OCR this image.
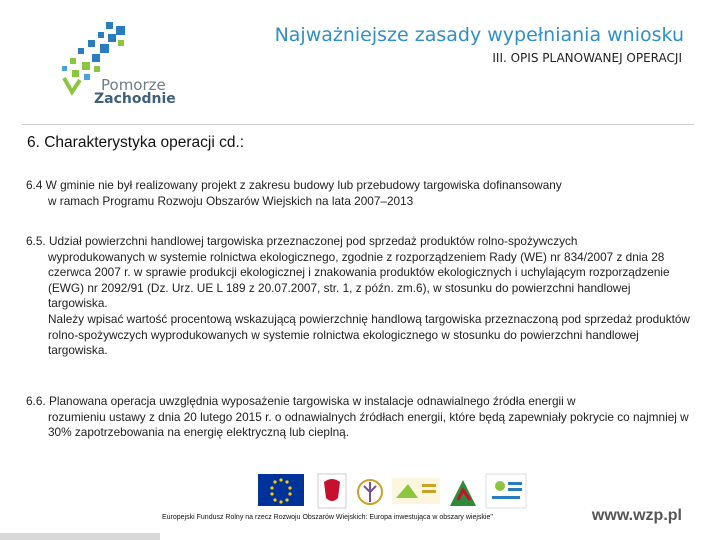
Pomorze
Zachodnie
Najważniejsze zasady wypełniania wniosku
III. OPIS PLANOWANEJ OPERACJI
6. Charakterystyka operacji cd.:
6.4 W gminie nie był realizowany projekt z zakresu budowy lub przebudowy targowiska dofinansowany
w ramach Programu Rozwoju Obszarów Wiejskich na lata 2007–2013
6.5. Udział powierzchni handlowej targowiska przeznaczonej pod sprzedaż produktów rolno-spożywczych
wyprodukowanych w systemie rolnictwa ekologicznego, zgodnie z rozporządzeniem Rady (WE) nr 834/2007 z dnia 28 czerwca 2007 r. w sprawie produkcji ekologicznej i znakowania produktów ekologicznych i uchylającym rozporządzenie (EWG) nr 2092/91 (Dz. Urz. UE L 189 z 20.07.2007, str. 1, z późn. zm.6), w stosunku do powierzchni handlowej targowiska.
Należy wpisać wartość procentową wskazującą powierzchnię handlową targowiska przeznaczoną pod sprzedaż produktów rolno-spożywczych wyprodukowanych w systemie rolnictwa ekologicznego w stosunku do powierzchni handlowej targowiska.
6.6. Planowana operacja uwzględnia wyposażenie targowiska w instalacje odnawialnego źródła energii w
rozumieniu ustawy z dnia 20 lutego 2015 r. o odnawialnych źródłach energii, które będą zapewniały pokrycie co najmniej w 30% zapotrzebowania na energię elektryczną lub cieplną.
Europejski Fundusz Rolny na rzecz Rozwoju Obszarów Wiejskich: Europa inwestująca w obszary wiejskie"	www.wzp.pl
